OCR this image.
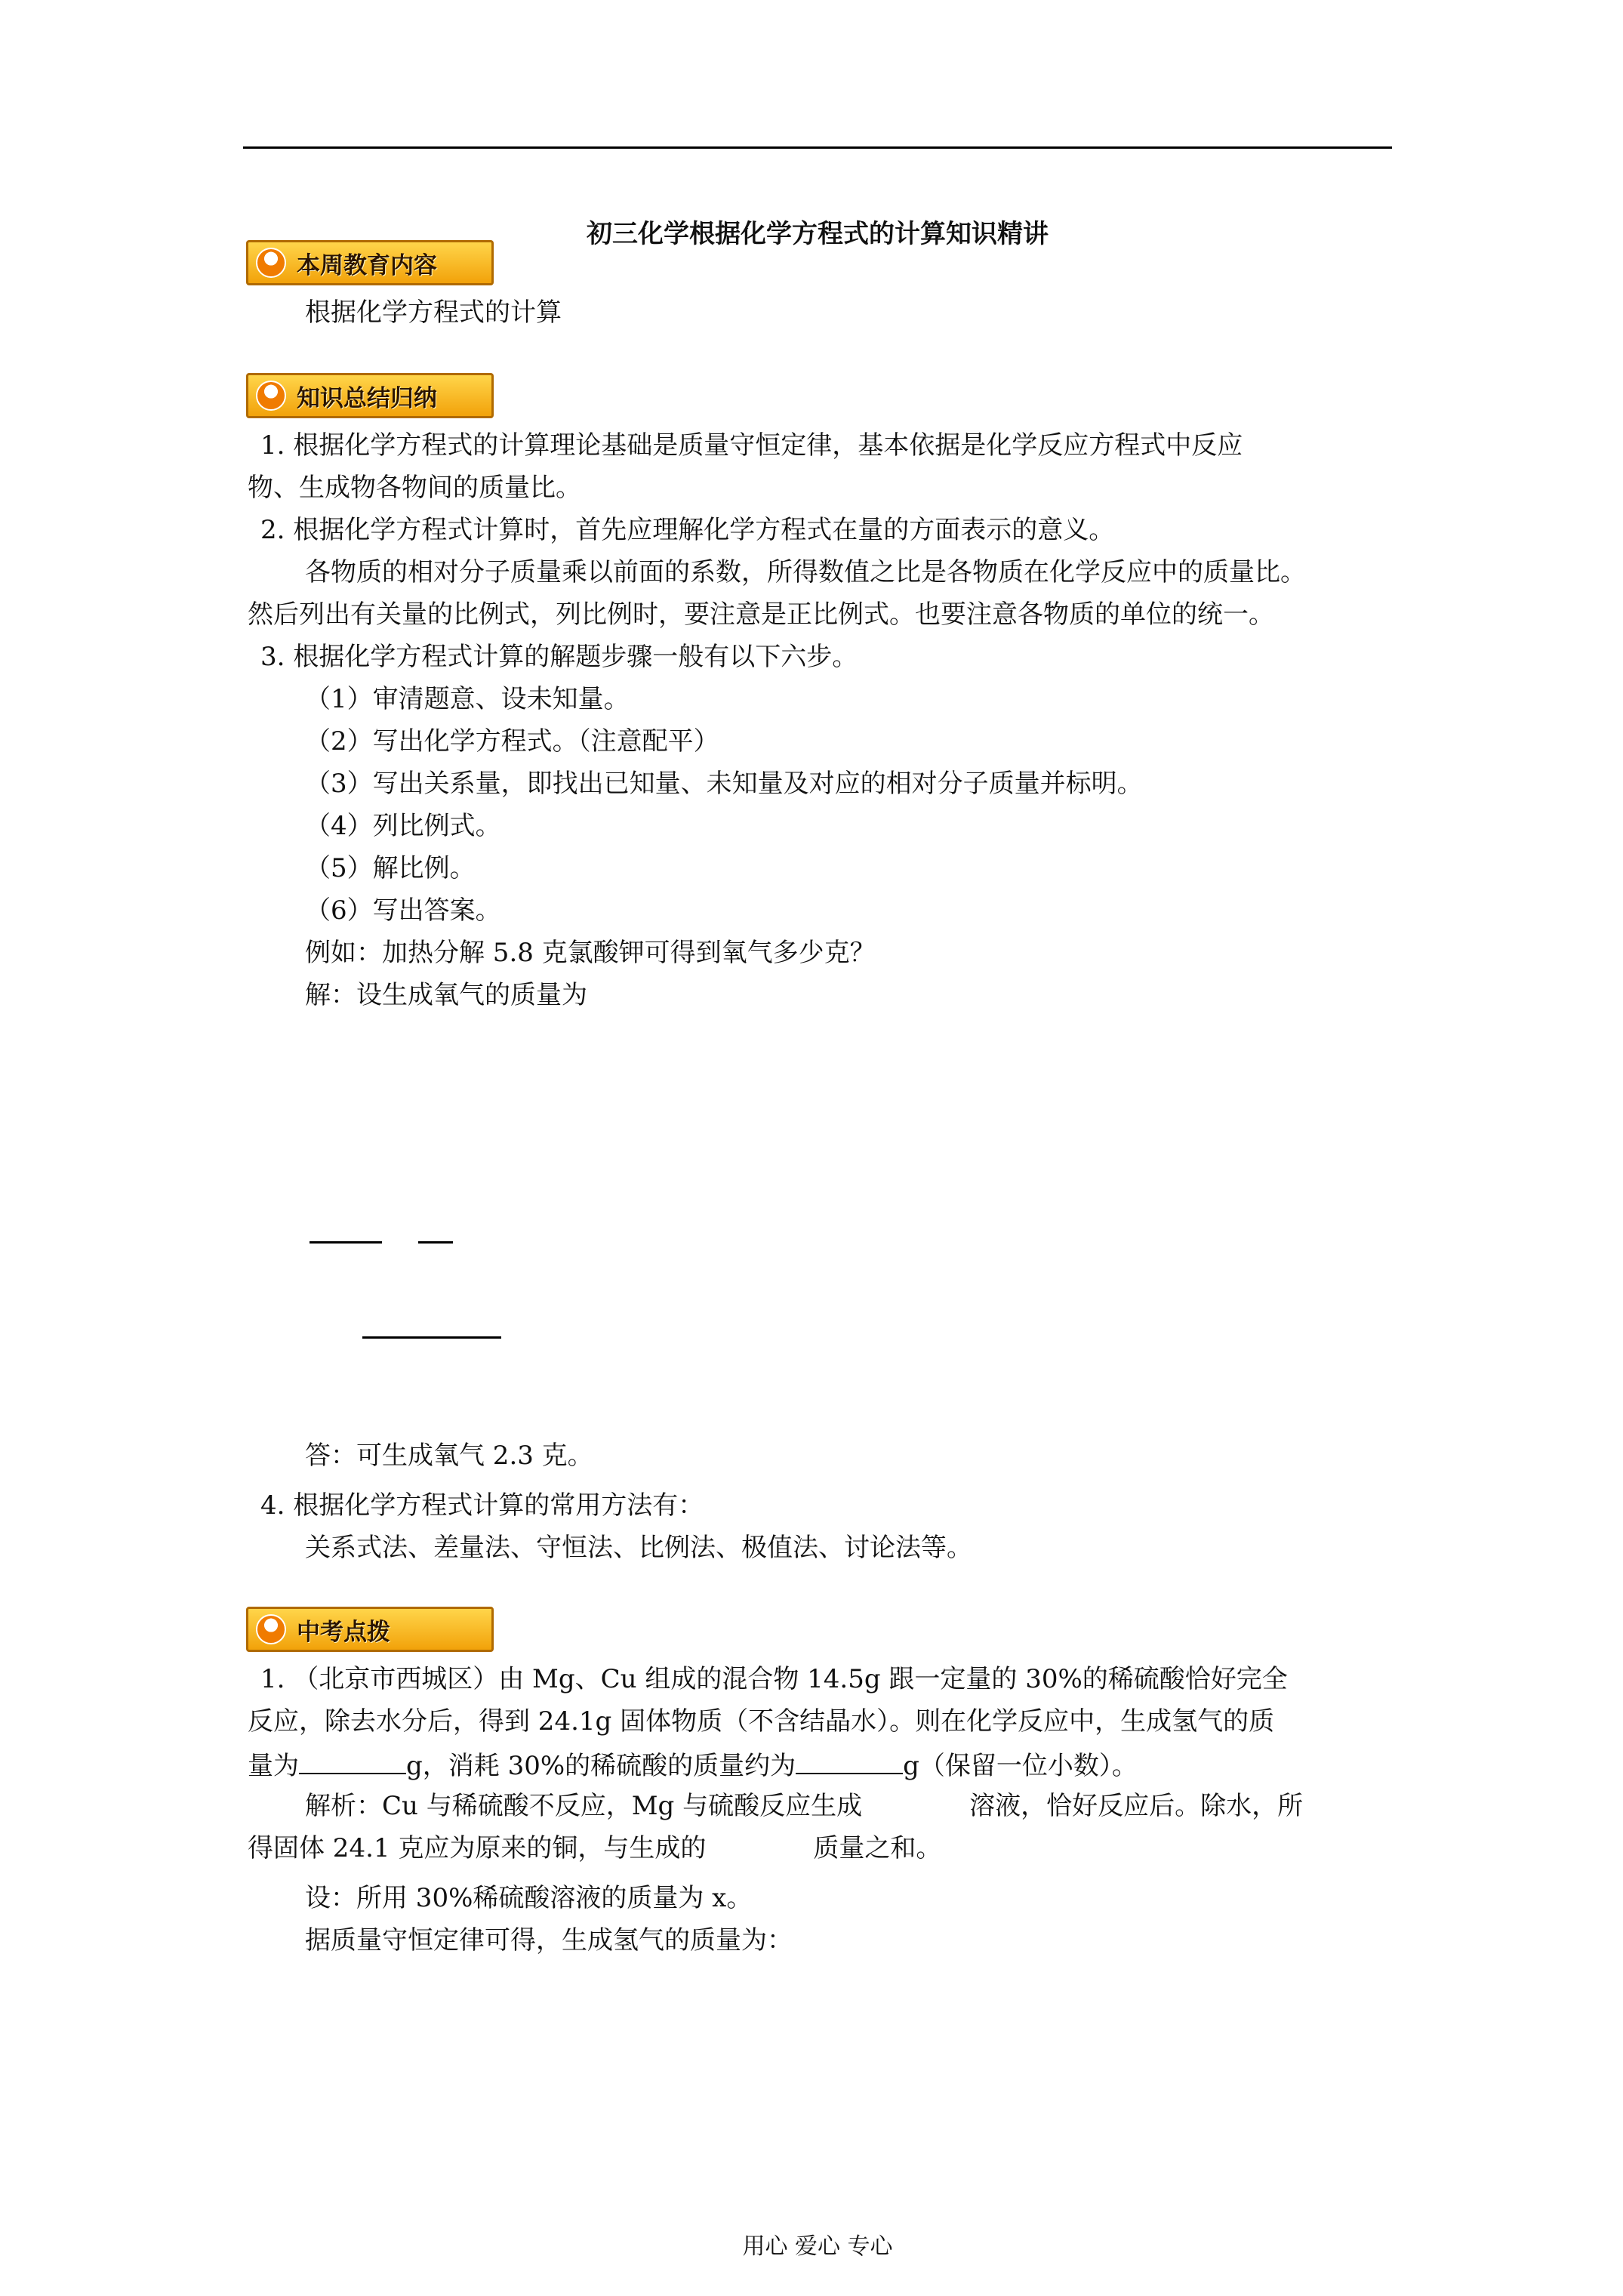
初三化学根据化学方程式的计算知识精讲
本周教育内容
根据化学方程式的计算
知识总结归纳
1. 根据化学方程式的计算理论基础是质量守恒定律，基本依据是化学反应方程式中反应
物、生成物各物间的质量比。
2. 根据化学方程式计算时，首先应理解化学方程式在量的方面表示的意义。
各物质的相对分子质量乘以前面的系数，所得数值之比是各物质在化学反应中的质量比。
然后列出有关量的比例式，列比例时，要注意是正比例式。也要注意各物质的单位的统一。
3. 根据化学方程式计算的解题步骤一般有以下六步。
（1）审清题意、设未知量。
（2）写出化学方程式。（注意配平）
（3）写出关系量，即找出已知量、未知量及对应的相对分子质量并标明。
（4）列比例式。
（5）解比例。
（6）写出答案。
例如：加热分解 5.8 克氯酸钾可得到氧气多少克？
解：设生成氧气的质量为
答：可生成氧气 2.3 克。
4. 根据化学方程式计算的常用方法有：
关系式法、差量法、守恒法、比例法、极值法、讨论法等。
中考点拨
1. （北京市西城区）由 Mg、Cu 组成的混合物 14.5g 跟一定量的 30%的稀硫酸恰好完全
反应，除去水分后，得到 24.1g 固体物质（不含结晶水）。则在化学反应中，生成氢气的质
量为	g，消耗 30%的稀硫酸的质量约为	g（保留一位小数）。
解析：Cu 与稀硫酸不反应，Mg 与硫酸反应生成	溶液，恰好反应后。除水，所
得固体 24.1 克应为原来的铜，与生成的	质量之和。
设：所用 30%稀硫酸溶液的质量为 x。
据质量守恒定律可得，生成氢气的质量为：
用心 爱心 专心
